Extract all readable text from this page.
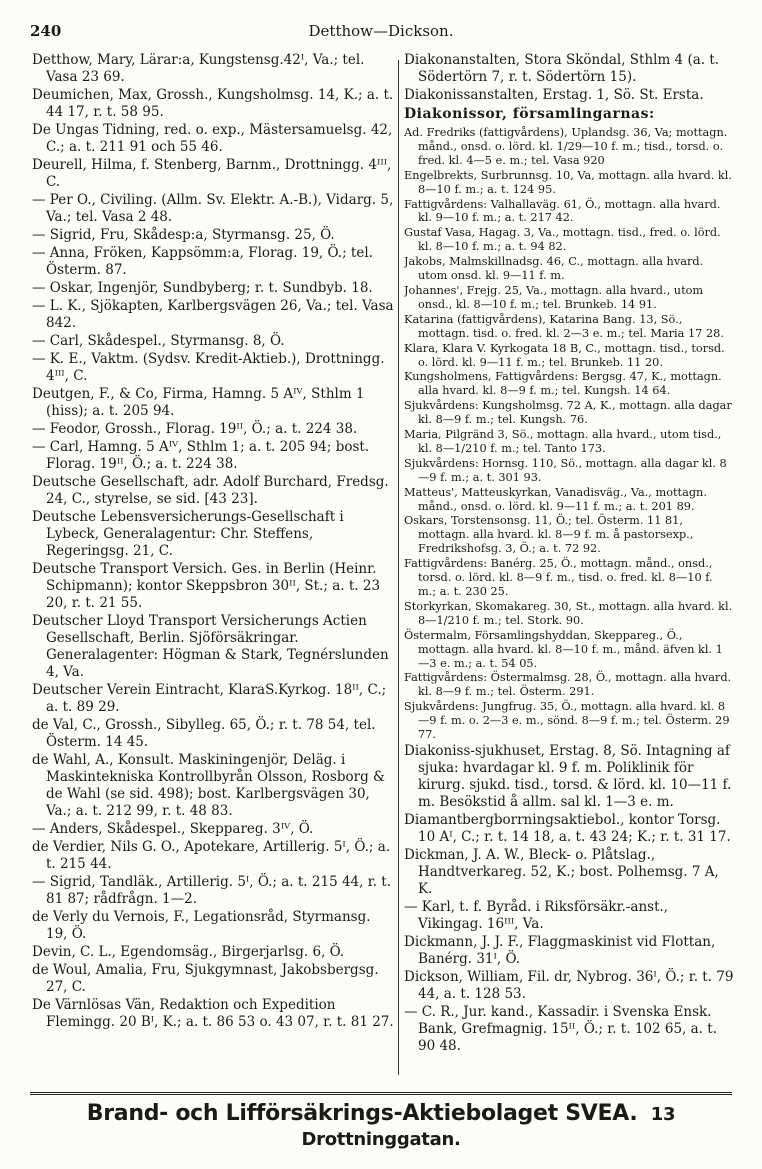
240	Detthow—Dickson.
Detthow, Mary, Lärar:a, Kungstensg.42ᴵ, Va.; tel. Vasa 23 69.
Deumichen, Max, Grossh., Kungsholmsg. 14, K.; a. t. 44 17, r. t. 58 95.
De Ungas Tidning, red. o. exp., Mästersamuelsg. 42, C.; a. t. 211 91 och 55 46.
Deurell, Hilma, f. Stenberg, Barnm., Drottningg. 4ᴵᴵᴵ, C.
— Per O., Civiling. (Allm. Sv. Elektr. A.-B.), Vidarg. 5, Va.; tel. Vasa 2 48.
— Sigrid, Fru, Skådesp:a, Styrmansg. 25, Ö.
— Anna, Fröken, Kappsömm:a, Florag. 19, Ö.; tel. Österm. 87.
— Oskar, Ingenjör, Sundbyberg; r. t. Sundbyb. 18.
— L. K., Sjökapten, Karlbergsvägen 26, Va.; tel. Vasa 842.
— Carl, Skådespel., Styrmansg. 8, Ö.
— K. E., Vaktm. (Sydsv. Kredit-Aktieb.), Drottningg. 4ᴵᴵᴵ, C.
Deutgen, F., & Co, Firma, Hamng. 5 Aᴵⱽ, Sthlm 1 (hiss); a. t. 205 94.
— Feodor, Grossh., Florag. 19ᴵᴵ, Ö.; a. t. 224 38.
— Carl, Hamng. 5 Aᴵⱽ, Sthlm 1; a. t. 205 94; bost. Florag. 19ᴵᴵ, Ö.; a. t. 224 38.
Deutsche Gesellschaft, adr. Adolf Burchard, Fredsg. 24, C., styrelse, se sid. [43 23].
Deutsche Lebensversicherungs-Gesellschaft i Lybeck, Generalagentur: Chr. Steffens, Regeringsg. 21, C.
Deutsche Transport Versich. Ges. in Berlin (Heinr. Schipmann); kontor Skeppsbron 30ᴵᴵ, St.; a. t. 23 20, r. t. 21 55.
Deutscher Lloyd Transport Versicherungs Actien Gesellschaft, Berlin. Sjöförsäkringar. Generalagenter: Högman & Stark, Tegnérslunden 4, Va.
Deutscher Verein Eintracht, KlaraS.Kyrkog. 18ᴵᴵ, C.; a. t. 89 29.
de Val, C., Grossh., Sibylleg. 65, Ö.; r. t. 78 54, tel. Österm. 14 45.
de Wahl, A., Konsult. Maskiningenjör, Deläg. i Maskintekniska Kontrollbyrån Olsson, Rosborg & de Wahl (se sid. 498); bost. Karlbergsvägen 30, Va.; a. t. 212 99, r. t. 48 83.
— Anders, Skådespel., Skeppareg. 3ᴵⱽ, Ö.
de Verdier, Nils G. O., Apotekare, Artillerig. 5ᴵ, Ö.; a. t. 215 44.
— Sigrid, Tandläk., Artillerig. 5ᴵ, Ö.; a. t. 215 44, r. t. 81 87; rådfrågn. 1—2.
de Verly du Vernois, F., Legationsråd, Styrmansg. 19, Ö.
Devin, C. L., Egendomsäg., Birgerjarlsg. 6, Ö.
de Woul, Amalia, Fru, Sjukgymnast, Jakobsbergsg. 27, C.
De Värnlösas Vän, Redaktion och Expedition Flemingg. 20 Bᴵ, K.; a. t. 86 53 o. 43 07, r. t. 81 27.
Diakonanstalten, Stora Sköndal, Sthlm 4 (a. t. Södertörn 7, r. t. Södertörn 15).
Diakonissanstalten, Erstag. 1, Sö. St. Ersta.
Diakonissor, församlingarnas:
Ad. Fredriks (fattigvårdens), Uplandsg. 36, Va; mottagn. månd., onsd. o. lörd. kl. 1/29—10 f. m.; tisd., torsd. o. fred. kl. 4—5 e. m.; tel. Vasa 920
Engelbrekts, Surbrunnsg. 10, Va, mottagn. alla hvard. kl. 8—10 f. m.; a. t. 124 95.
Fattigvårdens: Valhallaväg. 61, Ö., mottagn. alla hvard. kl. 9—10 f. m.; a. t. 217 42.
Gustaf Vasa, Hagag. 3, Va., mottagn. tisd., fred. o. lörd. kl. 8—10 f. m.; a. t. 94 82.
Jakobs, Malmskillnadsg. 46, C., mottagn. alla hvard. utom onsd. kl. 9—11 f. m.
Johannes', Frejg. 25, Va., mottagn. alla hvard., utom onsd., kl. 8—10 f. m.; tel. Brunkeb. 14 91.
Katarina (fattigvårdens), Katarina Bang. 13, Sö., mottagn. tisd. o. fred. kl. 2—3 e. m.; tel. Maria 17 28.
Klara, Klara V. Kyrkogata 18 B, C., mottagn. tisd., torsd. o. lörd. kl. 9—11 f. m.; tel. Brunkeb. 11 20.
Kungsholmens, Fattigvårdens: Bergsg. 47, K., mottagn. alla hvard. kl. 8—9 f. m.; tel. Kungsh. 14 64.
Sjukvårdens: Kungsholmsg. 72 A, K., mottagn. alla dagar kl. 8—9 f. m.; tel. Kungsh. 76.
Maria, Pilgränd 3, Sö., mottagn. alla hvard., utom tisd., kl. 8—1/210 f. m.; tel. Tanto 173.
Sjukvårdens: Hornsg. 110, Sö., mottagn. alla dagar kl. 8—9 f. m.; a. t. 301 93.
Matteus', Matteuskyrkan, Vanadisväg., Va., mottagn. månd., onsd. o. lörd. kl. 9—11 f. m.; a. t. 201 89.
Oskars, Torstensonsg. 11, Ö.; tel. Österm. 11 81, mottagn. alla hvard. kl. 8—9 f. m. å pastorsexp., Fredrikshofsg. 3, Ö.; a. t. 72 92.
Fattigvårdens: Banérg. 25, Ö., mottagn. månd., onsd., torsd. o. lörd. kl. 8—9 f. m., tisd. o. fred. kl. 8—10 f. m.; a. t. 230 25.
Storkyrkan, Skomakareg. 30, St., mottagn. alla hvard. kl. 8—1/210 f. m.; tel. Stork. 90.
Östermalm, Församlingshyddan, Skeppareg., Ö., mottagn. alla hvard. kl. 8—10 f. m., månd. äfven kl. 1—3 e. m.; a. t. 54 05.
Fattigvårdens: Östermalmsg. 28, Ö., mottagn. alla hvard. kl. 8—9 f. m.; tel. Österm. 291.
Sjukvårdens: Jungfrug. 35, Ö., mottagn. alla hvard. kl. 8—9 f. m. o. 2—3 e. m., sönd. 8—9 f. m.; tel. Österm. 29 77.
Diakoniss-sjukhuset, Erstag. 8, Sö. Intagning af sjuka: hvardagar kl. 9 f. m. Poliklinik för kirurg. sjukd. tisd., torsd. & lörd. kl. 10—11 f. m. Besökstid å allm. sal kl. 1—3 e. m.
Diamantbergborrningsaktiebol., kontor Torsg. 10 Aᴵ, C.; r. t. 14 18, a. t. 43 24; K.; r. t. 31 17.
Dickman, J. A. W., Bleck- o. Plåtslag., Handtverkareg. 52, K.; bost. Polhemsg. 7 A, K.
— Karl, t. f. Byråd. i Riksförsäkr.-anst., Vikingag. 16ᴵᴵᴵ, Va.
Dickmann, J. J. F., Flaggmaskinist vid Flottan, Banérg. 31ᴵ, Ö.
Dickson, William, Fil. dr, Nybrog. 36ᴵ, Ö.; r. t. 79 44, a. t. 128 53.
— C. R., Jur. kand., Kassadir. i Svenska Ensk. Bank, Grefmagnig. 15ᴵᴵ, Ö.; r. t. 102 65, a. t. 90 48.
Brand- och Lifförsäkrings-Aktiebolaget SVEA. 13 Drottninggatan.
